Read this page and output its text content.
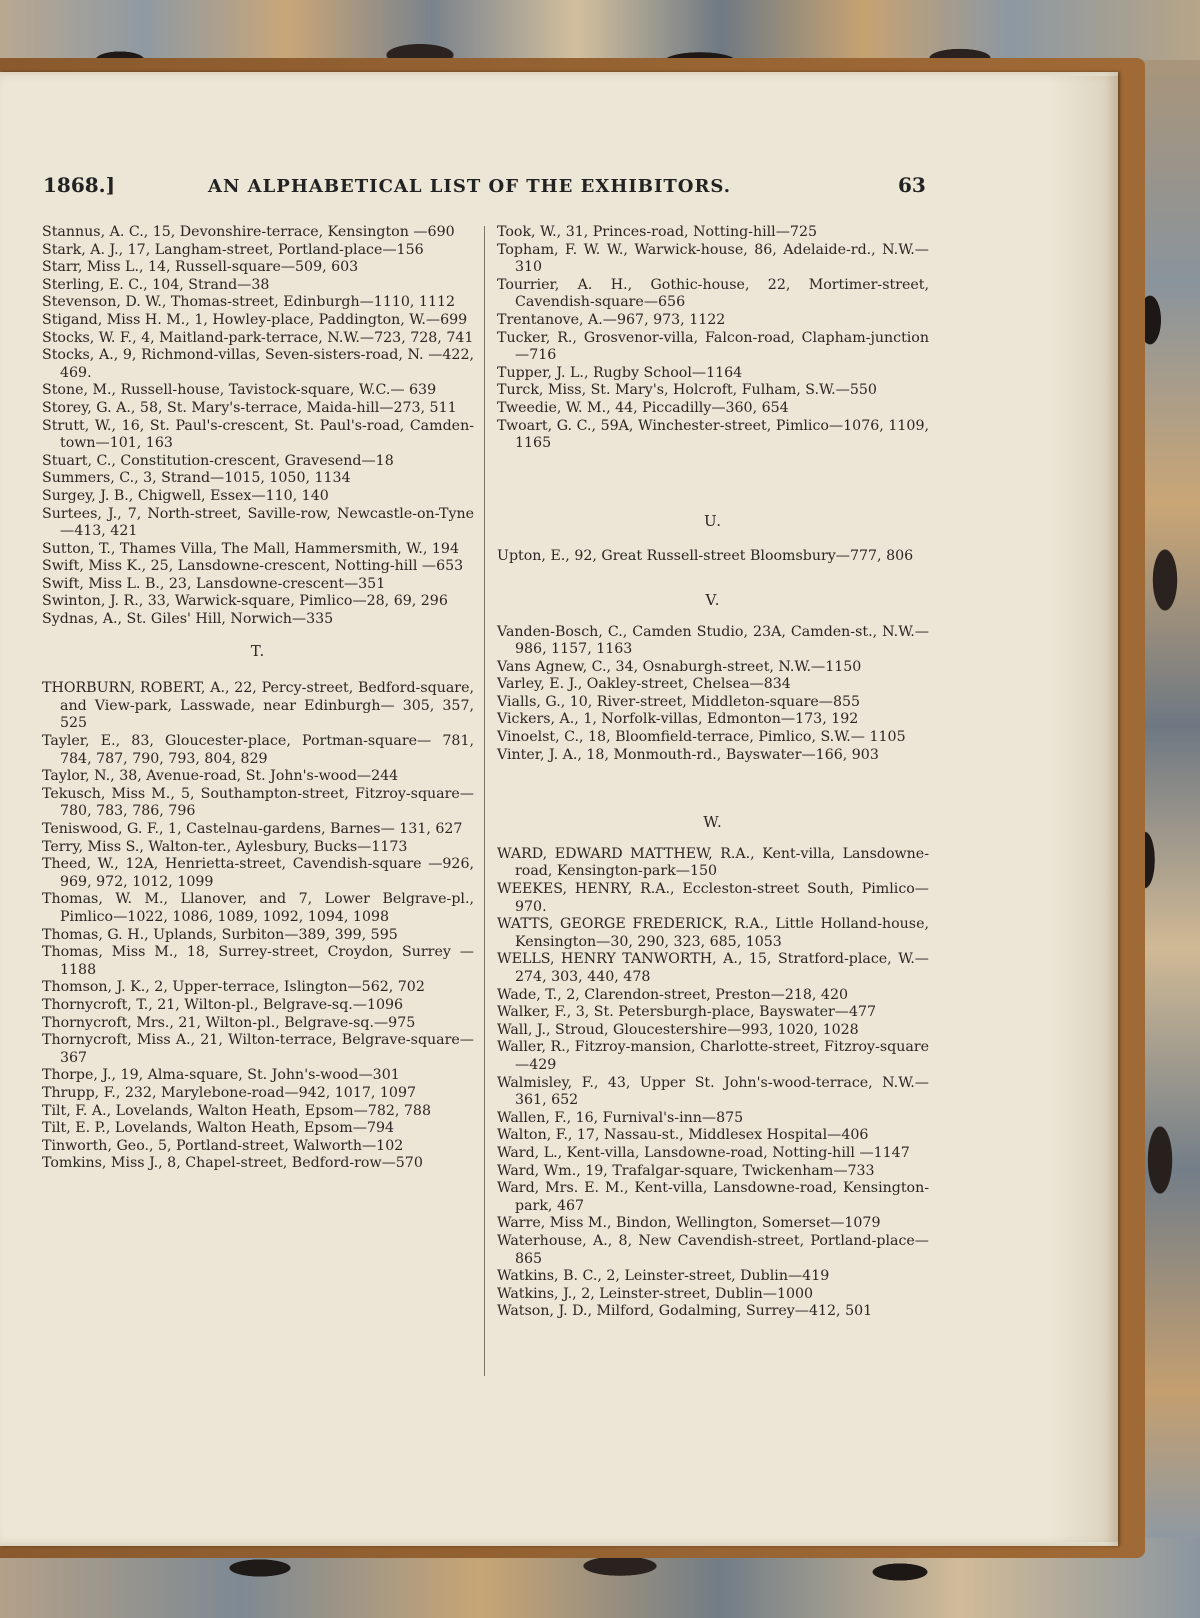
1868.]	AN ALPHABETICAL LIST OF THE EXHIBITORS.	63

Stannus, A. C., 15, Devonshire-terrace, Kensington —690

Stark, A. J., 17, Langham-street, Portland-place—156

Starr, Miss L., 14, Russell-square—509, 603

Sterling, E. C., 104, Strand—38

Stevenson, D. W., Thomas-street, Edinburgh—1110, 1112

Stigand, Miss H. M., 1, Howley-place, Paddington, W.—699

Stocks, W. F., 4, Maitland-park-terrace, N.W.—723, 728, 741

Stocks, A., 9, Richmond-villas, Seven-sisters-road, N. —422, 469.

Stone, M., Russell-house, Tavistock-square, W.C.— 639

Storey, G. A., 58, St. Mary's-terrace, Maida-hill—273, 511

Strutt, W., 16, St. Paul's-crescent, St. Paul's-road, Camden-town—101, 163

Stuart, C., Constitution-crescent, Gravesend—18

Summers, C., 3, Strand—1015, 1050, 1134

Surgey, J. B., Chigwell, Essex—110, 140

Surtees, J., 7, North-street, Saville-row, Newcastle-on-Tyne—413, 421

Sutton, T., Thames Villa, The Mall, Hammersmith, W., 194

Swift, Miss K., 25, Lansdowne-crescent, Notting-hill —653

Swift, Miss L. B., 23, Lansdowne-crescent—351

Swinton, J. R., 33, Warwick-square, Pimlico—28, 69, 296

Sydnas, A., St. Giles' Hill, Norwich—335

T.

THORBURN, ROBERT, A., 22, Percy-street, Bedford-square, and View-park, Lasswade, near Edinburgh— 305, 357, 525

Tayler, E., 83, Gloucester-place, Portman-square— 781, 784, 787, 790, 793, 804, 829

Taylor, N., 38, Avenue-road, St. John's-wood—244

Tekusch, Miss M., 5, Southampton-street, Fitzroy-square—780, 783, 786, 796

Teniswood, G. F., 1, Castelnau-gardens, Barnes— 131, 627

Terry, Miss S., Walton-ter., Aylesbury, Bucks—1173

Theed, W., 12A, Henrietta-street, Cavendish-square —926, 969, 972, 1012, 1099

Thomas, W. M., Llanover, and 7, Lower Belgrave-pl., Pimlico—1022, 1086, 1089, 1092, 1094, 1098

Thomas, G. H., Uplands, Surbiton—389, 399, 595

Thomas, Miss M., 18, Surrey-street, Croydon, Surrey —1188

Thomson, J. K., 2, Upper-terrace, Islington—562, 702

Thornycroft, T., 21, Wilton-pl., Belgrave-sq.—1096

Thornycroft, Mrs., 21, Wilton-pl., Belgrave-sq.—975

Thornycroft, Miss A., 21, Wilton-terrace, Belgrave-square—367

Thorpe, J., 19, Alma-square, St. John's-wood—301

Thrupp, F., 232, Marylebone-road—942, 1017, 1097

Tilt, F. A., Lovelands, Walton Heath, Epsom—782, 788

Tilt, E. P., Lovelands, Walton Heath, Epsom—794

Tinworth, Geo., 5, Portland-street, Walworth—102

Tomkins, Miss J., 8, Chapel-street, Bedford-row—570

Took, W., 31, Princes-road, Notting-hill—725

Topham, F. W. W., Warwick-house, 86, Adelaide-rd., N.W.—310

Tourrier, A. H., Gothic-house, 22, Mortimer-street, Cavendish-square—656

Trentanove, A.—967, 973, 1122

Tucker, R., Grosvenor-villa, Falcon-road, Clapham-junction—716

Tupper, J. L., Rugby School—1164

Turck, Miss, St. Mary's, Holcroft, Fulham, S.W.—550

Tweedie, W. M., 44, Piccadilly—360, 654

Twoart, G. C., 59A, Winchester-street, Pimlico—1076, 1109, 1165

U.

Upton, E., 92, Great Russell-street Bloomsbury—777, 806

V.

Vanden-Bosch, C., Camden Studio, 23A, Camden-st., N.W.—986, 1157, 1163

Vans Agnew, C., 34, Osnaburgh-street, N.W.—1150

Varley, E. J., Oakley-street, Chelsea—834

Vialls, G., 10, River-street, Middleton-square—855

Vickers, A., 1, Norfolk-villas, Edmonton—173, 192

Vinoelst, C., 18, Bloomfield-terrace, Pimlico, S.W.— 1105

Vinter, J. A., 18, Monmouth-rd., Bayswater—166, 903

W.

WARD, EDWARD MATTHEW, R.A., Kent-villa, Lansdowne-road, Kensington-park—150

WEEKES, HENRY, R.A., Eccleston-street South, Pimlico—970.

WATTS, GEORGE FREDERICK, R.A., Little Holland-house, Kensington—30, 290, 323, 685, 1053

WELLS, HENRY TANWORTH, A., 15, Stratford-place, W.—274, 303, 440, 478

Wade, T., 2, Clarendon-street, Preston—218, 420

Walker, F., 3, St. Petersburgh-place, Bayswater—477

Wall, J., Stroud, Gloucestershire—993, 1020, 1028

Waller, R., Fitzroy-mansion, Charlotte-street, Fitzroy-square—429

Walmisley, F., 43, Upper St. John's-wood-terrace, N.W.—361, 652

Wallen, F., 16, Furnival's-inn—875

Walton, F., 17, Nassau-st., Middlesex Hospital—406

Ward, L., Kent-villa, Lansdowne-road, Notting-hill —1147

Ward, Wm., 19, Trafalgar-square, Twickenham—733

Ward, Mrs. E. M., Kent-villa, Lansdowne-road, Kensington-park, 467

Warre, Miss M., Bindon, Wellington, Somerset—1079

Waterhouse, A., 8, New Cavendish-street, Portland-place—865

Watkins, B. C., 2, Leinster-street, Dublin—419

Watkins, J., 2, Leinster-street, Dublin—1000

Watson, J. D., Milford, Godalming, Surrey—412, 501
